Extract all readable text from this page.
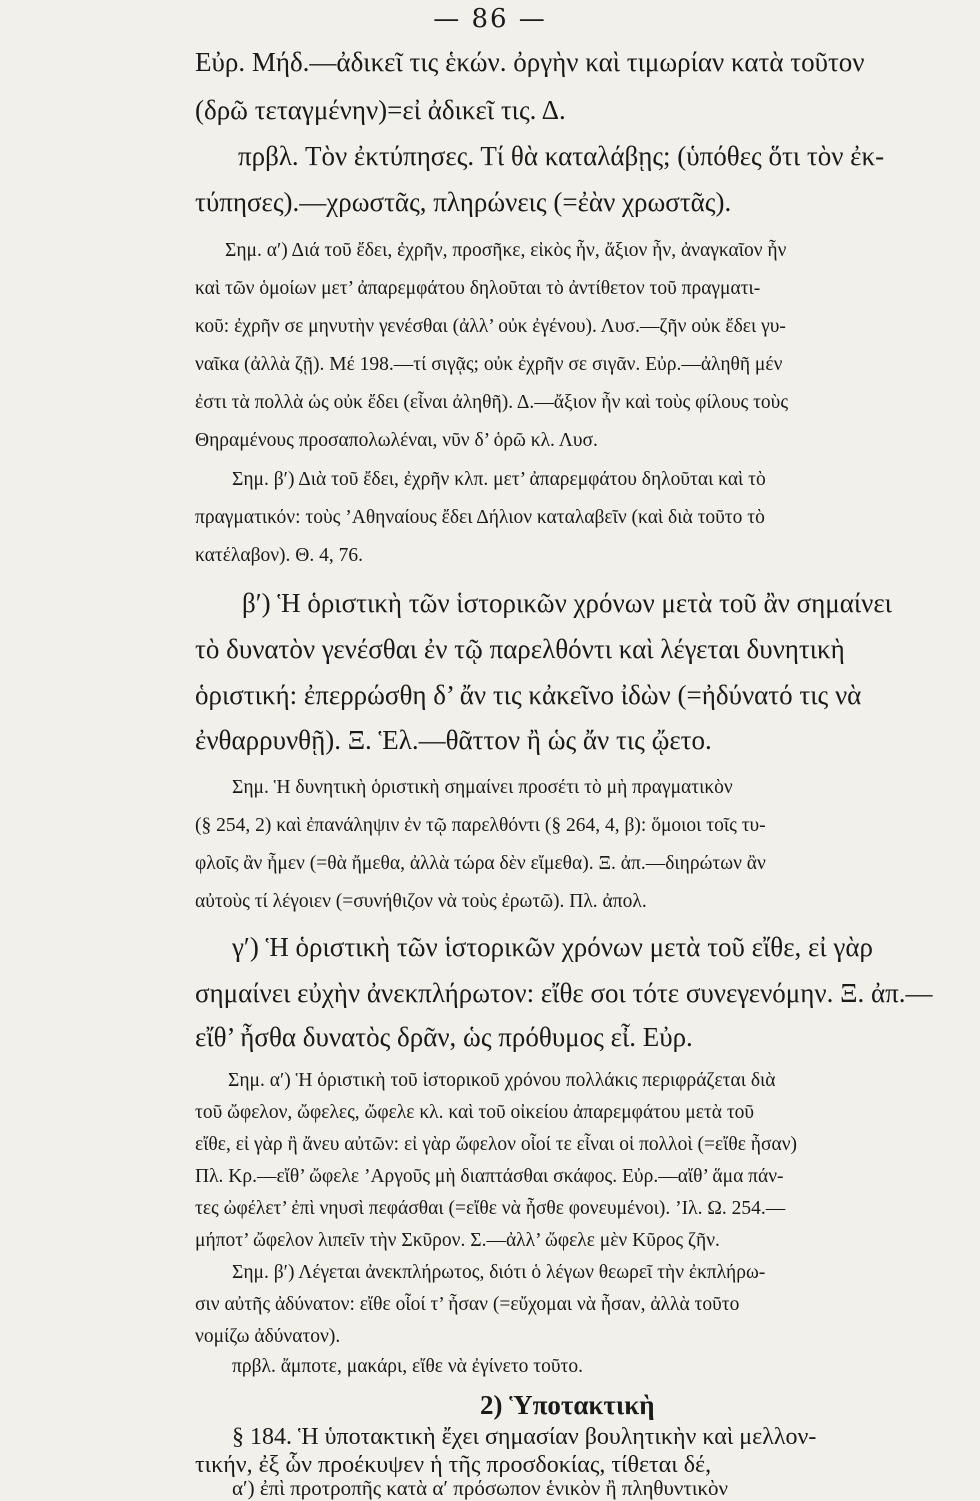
— 86 —
Εὐρ. Μήδ.—ἀδικεῖ τις ἑκών. ὀργὴν καὶ τιμωρίαν κατὰ τοῦτον
(δρῶ τεταγμένην)=εἰ ἀδικεῖ τις. Δ.
πρβλ. Τὸν ἐκτύπησες. Τί θὰ καταλάβῃς; (ὑπόθες ὅτι τὸν ἐκ-
τύπησες).—χρωστᾶς, πληρώνεις (=ἐὰν χρωστᾶς).
Σημ. α′) Διά τοῦ ἔδει, ἐχρῆν, προσῆκε, εἰκὸς ἦν, ἄξιον ἦν, ἀναγκαῖον ἦν
καὶ τῶν ὁμοίων μετ’ ἀπαρεμφάτου δηλοῦται τὸ ἀντίθετον τοῦ πραγματι-
κοῦ: ἐχρῆν σε μηνυτὴν γενέσθαι (ἀλλ’ οὐκ ἐγένου). Λυσ.—ζῆν οὐκ ἔδει γυ-
ναῖκα (ἀλλὰ ζῇ). Μέ 198.—τί σιγᾷς; οὐκ ἐχρῆν σε σιγᾶν. Εὐρ.—ἀληθῆ μέν
ἐστι τὰ πολλὰ ὡς οὐκ ἔδει (εἶναι ἀληθῆ). Δ.—ἄξιον ἦν καὶ τοὺς φίλους τοὺς
Θηραμένους προσαπολωλέναι, νῦν δ’ ὁρῶ κλ. Λυσ.
Σημ. β′) Διὰ τοῦ ἔδει, ἐχρῆν κλπ. μετ’ ἀπαρεμφάτου δηλοῦται καὶ τὸ
πραγματικόν: τοὺς ’Αθηναίους ἔδει Δήλιον καταλαβεῖν (καὶ διὰ τοῦτο τὸ
κατέλαβον). Θ. 4, 76.
β′) Ἡ ὁριστικὴ τῶν ἱστορικῶν χρόνων μετὰ τοῦ ἂν σημαίνει
τὸ δυνατὸν γενέσθαι ἐν τῷ παρελθόντι καὶ λέγεται δυνητικὴ
ὁριστική: ἐπερρώσθη δ’ ἄν τις κἀκεῖνο ἰδὼν (=ἠδύνατό τις νὰ
ἐνθαρρυνθῇ). Ξ. Ἑλ.—θᾶττον ἢ ὡς ἄν τις ᾤετο.
Σημ. Ἡ δυνητικὴ ὁριστικὴ σημαίνει προσέτι τὸ μὴ πραγματικὸν
(§ 254, 2) καὶ ἐπανάληψιν ἐν τῷ παρελθόντι (§ 264, 4, β): ὅμοιοι τοῖς τυ-
φλοῖς ἂν ἦμεν (=θὰ ἤμεθα, ἀλλὰ τώρα δὲν εἴμεθα). Ξ. ἀπ.—διηρώτων ἂν
αὐτοὺς τί λέγοιεν (=συνήθιζον νὰ τοὺς ἐρωτῶ). Πλ. ἀπολ.
γ′) Ἡ ὁριστικὴ τῶν ἱστορικῶν χρόνων μετὰ τοῦ εἴθε, εἰ γὰρ
σημαίνει εὐχὴν ἀνεκπλήρωτον: εἴθε σοι τότε συνεγενόμην. Ξ. ἀπ.—
εἴθ’ ἦσθα δυνατὸς δρᾶν, ὡς πρόθυμος εἶ. Εὐρ.
Σημ. α′) Ἡ ὁριστικὴ τοῦ ἱστορικοῦ χρόνου πολλάκις περιφράζεται διὰ
τοῦ ὤφελον, ὤφελες, ὤφελε κλ. καὶ τοῦ οἰκείου ἀπαρεμφάτου μετὰ τοῦ
εἴθε, εἰ γὰρ ἢ ἄνευ αὐτῶν: εἰ γὰρ ὤφελον οἷοί τε εἶναι οἱ πολλοὶ (=εἴθε ἦσαν)
Πλ. Κρ.—εἴθ’ ὤφελε ’Αργοῦς μὴ διαπτάσθαι σκάφος. Εὐρ.—αἴθ’ ἅμα πάν-
τες ὠφέλετ’ ἐπὶ νηυσὶ πεφάσθαι (=εἴθε νὰ ἦσθε φονευμένοι). ’Ιλ. Ω. 254.—
μήποτ’ ὤφελον λιπεῖν τὴν Σκῦρον. Σ.—ἀλλ’ ὤφελε μὲν Κῦρος ζῆν.
Σημ. β′) Λέγεται ἀνεκπλήρωτος, διότι ὁ λέγων θεωρεῖ τὴν ἐκπλήρω-
σιν αὐτῆς ἀδύνατον: εἴθε οἷοί τ’ ἦσαν (=εὔχομαι νὰ ἦσαν, ἀλλὰ τοῦτο
νομίζω ἀδύνατον).
πρβλ. ἄμποτε, μακάρι, εἴθε νὰ ἐγίνετο τοῦτο.
2) Ὑποτακτικὴ
§ 184. Ἡ ὑποτακτικὴ ἔχει σημασίαν βουλητικὴν καὶ μελλον-
τικήν, ἐξ ὧν προέκυψεν ἡ τῆς προσδοκίας, τίθεται δέ,
α′) ἐπὶ προτροπῆς κατὰ α′ πρόσωπον ἑνικὸν ἢ πληθυντικὸν
